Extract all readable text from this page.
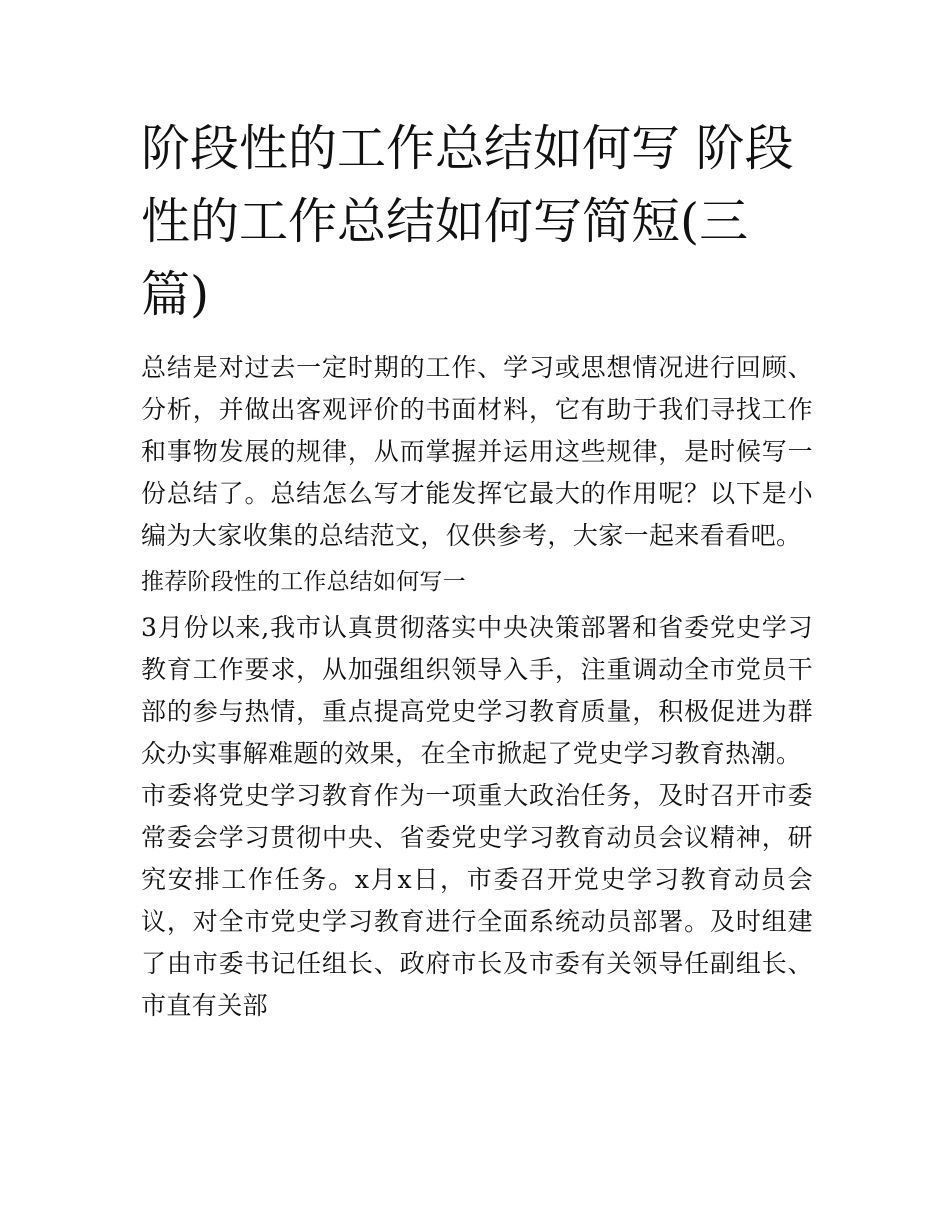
阶段性的工作总结如何写 阶段性的工作总结如何写简短(三篇)

总结是对过去一定时期的工作、学习或思想情况进行回顾、分析，并做出客观评价的书面材料，它有助于我们寻找工作和事物发展的规律，从而掌握并运用这些规律，是时候写一份总结了。总结怎么写才能发挥它最大的作用呢？以下是小编为大家收集的总结范文，仅供参考，大家一起来看看吧。

推荐阶段性的工作总结如何写一

3月份以来,我市认真贯彻落实中央决策部署和省委党史学习教育工作要求，从加强组织领导入手，注重调动全市党员干部的参与热情，重点提高党史学习教育质量，积极促进为群众办实事解难题的效果，在全市掀起了党史学习教育热潮。

市委将党史学习教育作为一项重大政治任务，及时召开市委常委会学习贯彻中央、省委党史学习教育动员会议精神，研究安排工作任务。x月x日，市委召开党史学习教育动员会议，对全市党史学习教育进行全面系统动员部署。及时组建了由市委书记任组长、政府市长及市委有关领导任副组长、市直有关部
